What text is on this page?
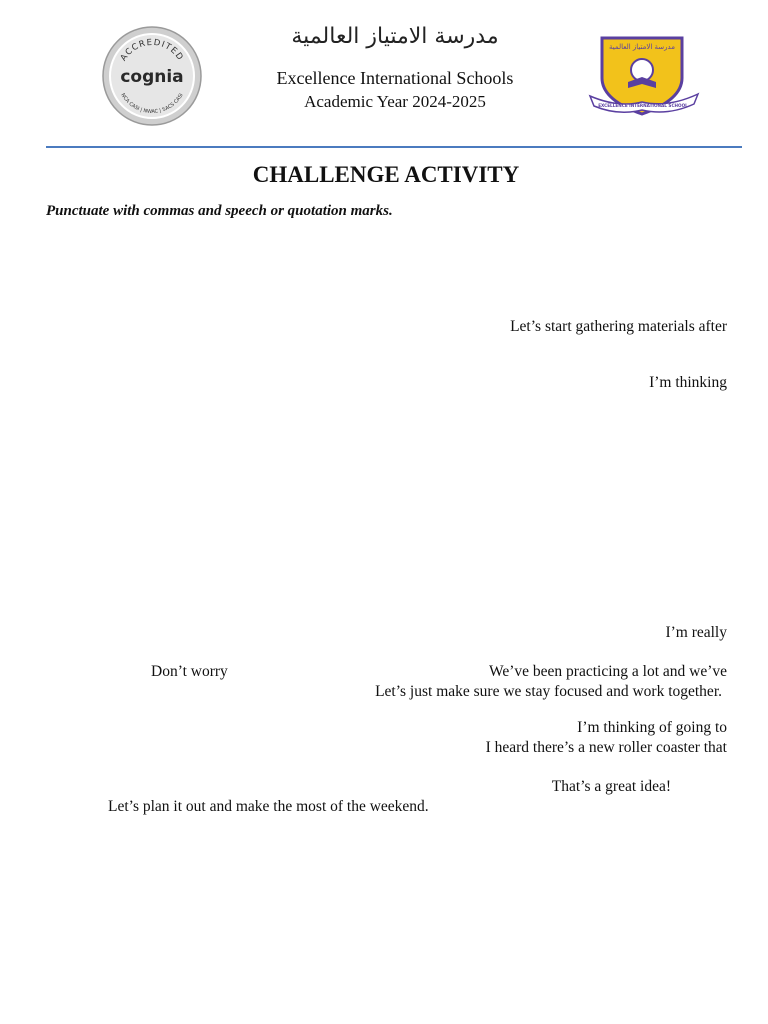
ACCREDITED
cognia
NCA CASI | NWAC | SACS CASI
مدرسة الامتياز العالمية
Excellence International Schools
Academic Year 2024-2025
مدرسة الامتياز العالمية
EXCELLENCE INTERNATIONAL SCHOOL
CHALLENGE ACTIVITY
Punctuate with commas and speech or quotation marks.
Let’s start gathering materials after
I’m thinking
I’m really
Don’t worry	We’ve been practicing a lot and we’ve
Let’s just make sure we stay focused and work together.
I’m thinking of going to
I heard there’s a new roller coaster that
That’s a great idea!
Let’s plan it out and make the most of the weekend.
